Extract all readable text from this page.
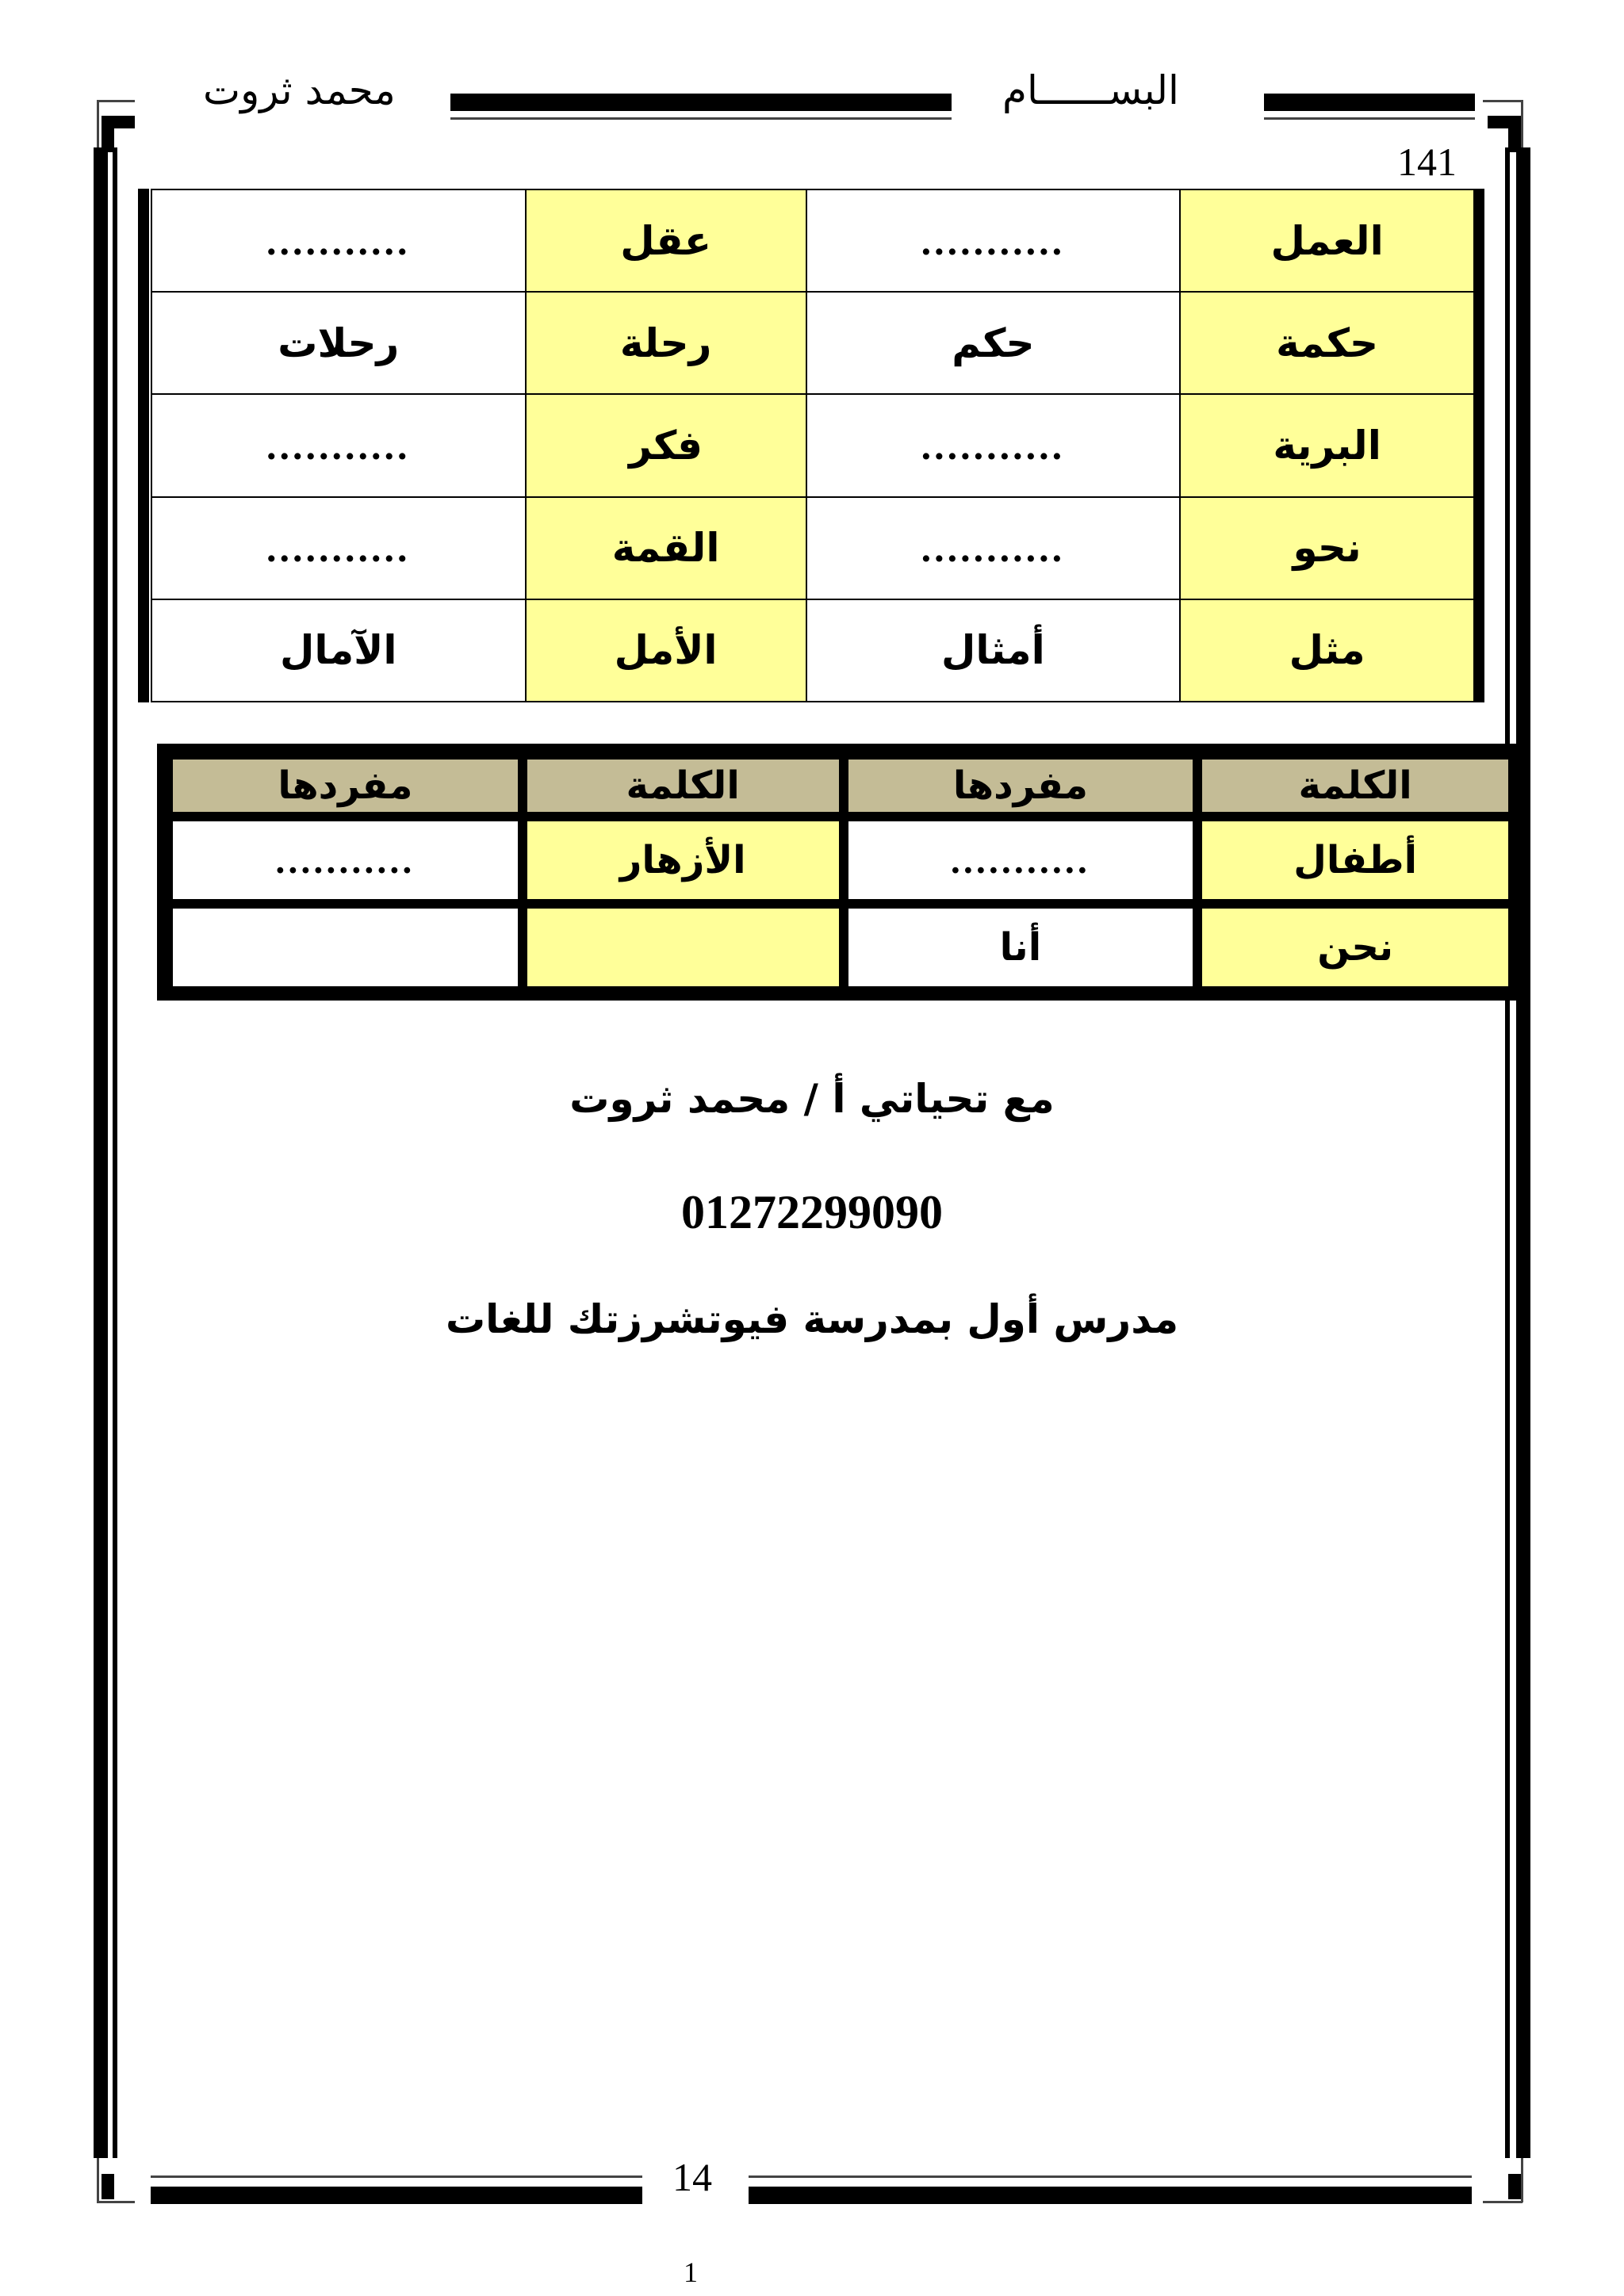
محمد ثروت	البســــــام
141
العمل	...........	عقل	...........
حكمة	حكم	رحلة	رحلات
البرية	...........	فكر	...........
نحو	...........	القمة	...........
مثل	أمثال	الأمل	الآمال
الكلمة	مفردها	الكلمة	مفردها
أطفال	...........	الأزهار	...........
نحن	أنا		
مع تحياتي أ / محمد ثروت
01272299090
مدرس أول بمدرسة فيوتشرزتك للغات
14
1
